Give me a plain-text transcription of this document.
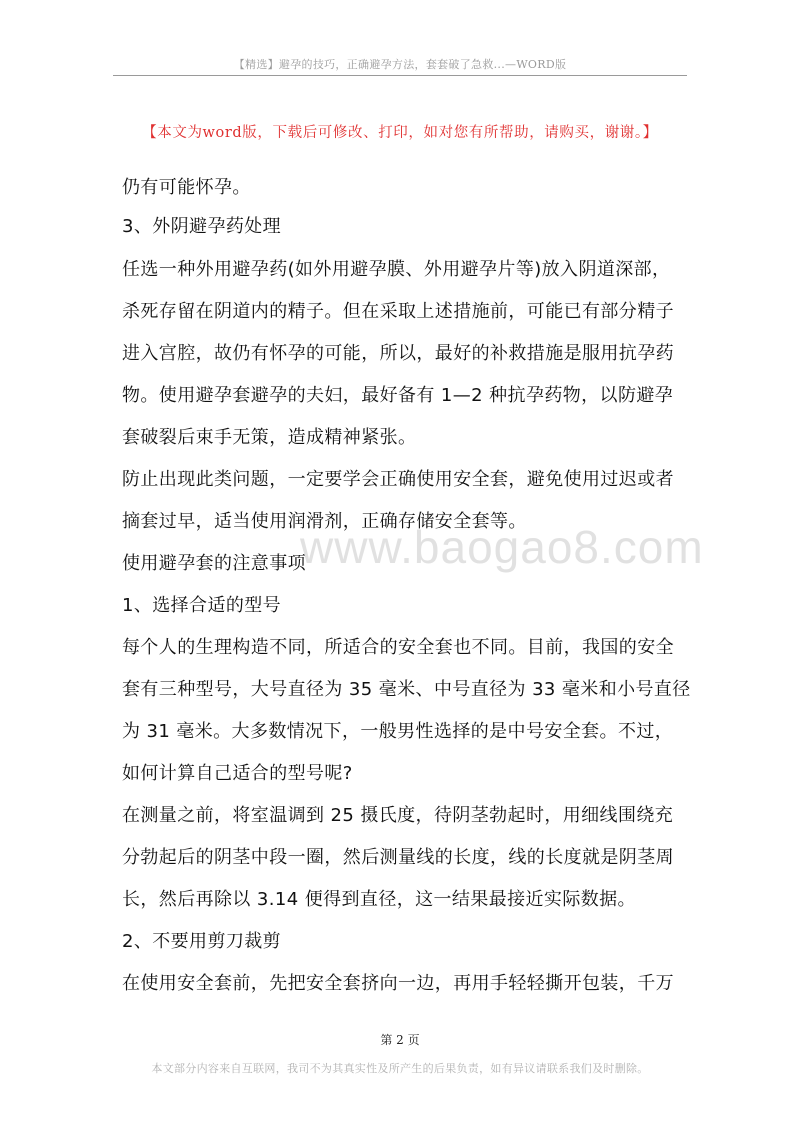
【精选】避孕的技巧，正确避孕方法，套套破了急救...—WORD版
【本文为word版，下载后可修改、打印，如对您有所帮助，请购买，谢谢。】
www.baogao8.com
仍有可能怀孕。
3、外阴避孕药处理
任选一种外用避孕药(如外用避孕膜、外用避孕片等)放入阴道深部，
杀死存留在阴道内的精子。但在采取上述措施前，可能已有部分精子
进入宫腔，故仍有怀孕的可能，所以，最好的补救措施是服用抗孕药
物。使用避孕套避孕的夫妇，最好备有 1—2 种抗孕药物，以防避孕
套破裂后束手无策，造成精神紧张。
防止出现此类问题，一定要学会正确使用安全套，避免使用过迟或者
摘套过早，适当使用润滑剂，正确存储安全套等。
使用避孕套的注意事项
1、选择合适的型号
每个人的生理构造不同，所适合的安全套也不同。目前，我国的安全
套有三种型号，大号直径为 35 毫米、中号直径为 33 毫米和小号直径
为 31 毫米。大多数情况下，一般男性选择的是中号安全套。不过，
如何计算自己适合的型号呢?
在测量之前，将室温调到 25 摄氏度，待阴茎勃起时，用细线围绕充
分勃起后的阴茎中段一圈，然后测量线的长度，线的长度就是阴茎周
长，然后再除以 3.14 便得到直径，这一结果最接近实际数据。
2、不要用剪刀裁剪
在使用安全套前，先把安全套挤向一边，再用手轻轻撕开包装，千万
第 2 页
本文部分内容来自互联网，我司不为其真实性及所产生的后果负责，如有异议请联系我们及时删除。
